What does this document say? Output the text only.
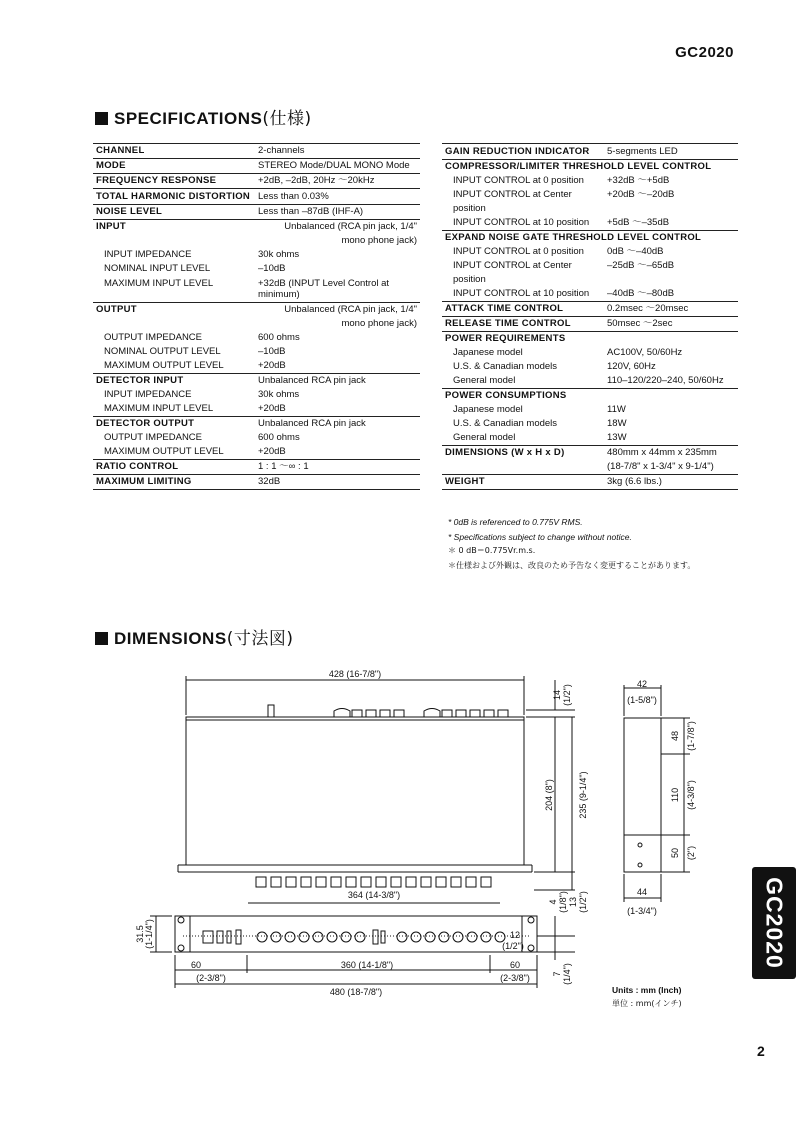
GC2020
SPECIFICATIONS(仕様)
CHANNEL	2-channels
MODE	STEREO Mode/DUAL MONO Mode
FREQUENCY RESPONSE	+2dB, –2dB, 20Hz ～20kHz
TOTAL HARMONIC DISTORTION	Less than 0.03%
NOISE LEVEL	Less than –87dB (IHF-A)
INPUT	Unbalanced (RCA pin jack, 1/4" mono phone jack)
INPUT IMPEDANCE	30k ohms
NOMINAL INPUT LEVEL	–10dB
MAXIMUM INPUT LEVEL	+32dB (INPUT Level Control at minimum)
OUTPUT	Unbalanced (RCA pin jack, 1/4" mono phone jack)
OUTPUT IMPEDANCE	600 ohms
NOMINAL OUTPUT LEVEL	–10dB
MAXIMUM OUTPUT LEVEL	+20dB
DETECTOR INPUT	Unbalanced RCA pin jack
INPUT IMPEDANCE	30k ohms
MAXIMUM INPUT LEVEL	+20dB
DETECTOR OUTPUT	Unbalanced RCA pin jack
OUTPUT IMPEDANCE	600 ohms
MAXIMUM OUTPUT LEVEL	+20dB
RATIO CONTROL	1 : 1 ～∞ : 1
MAXIMUM LIMITING	32dB
GAIN REDUCTION INDICATOR	5-segments LED
COMPRESSOR/LIMITER THRESHOLD LEVEL CONTROL	
INPUT CONTROL at 0 position	+32dB ～+5dB
INPUT CONTROL at Center position	+20dB ～–20dB
INPUT CONTROL at 10 position	+5dB ～–35dB
EXPAND NOISE GATE THRESHOLD LEVEL CONTROL	
INPUT CONTROL at 0 position	0dB ～–40dB
INPUT CONTROL at Center position	–25dB ～–65dB
INPUT CONTROL at 10 position	–40dB ～–80dB
ATTACK TIME CONTROL	0.2msec ～20msec
RELEASE TIME CONTROL	50msec ～2sec
POWER REQUIREMENTS	
Japanese model	AC100V, 50/60Hz
U.S. & Canadian models	120V, 60Hz
General model	110–120/220–240, 50/60Hz
POWER CONSUMPTIONS	
Japanese model	11W
U.S. & Canadian models	18W
General model	13W
DIMENSIONS (W x H x D)	480mm x 44mm x 235mm
	(18-7/8" x 1-3/4" x 9-1/4")
WEIGHT	3kg (6.6 lbs.)
* 0dB is referenced to 0.775V RMS.
* Specifications subject to change without notice.
＊ 0 dB＝0.775Vr.m.s.
＊仕様および外観は、改良のため予告なく変更することがあります。
DIMENSIONS(寸法図)
428 (16-7/8")
14 (1/2")
204 (8")	235 (9-1/4")
364 (14-3/8")
4 (1/8") 13 (1/2")
31.5 (1-1/4")	12
(1/2")
7 (1/4")
60
(2-3/8")
360 (14-1/8")	60
(2-3/8")
480 (18-7/8")
42
(1-5/8")
48 (1-7/8")
110 (4-3/8")
50 (2")
44
(1-3/4")
Units : mm (Inch)
単位 : mm(インチ)
GC2020
2
